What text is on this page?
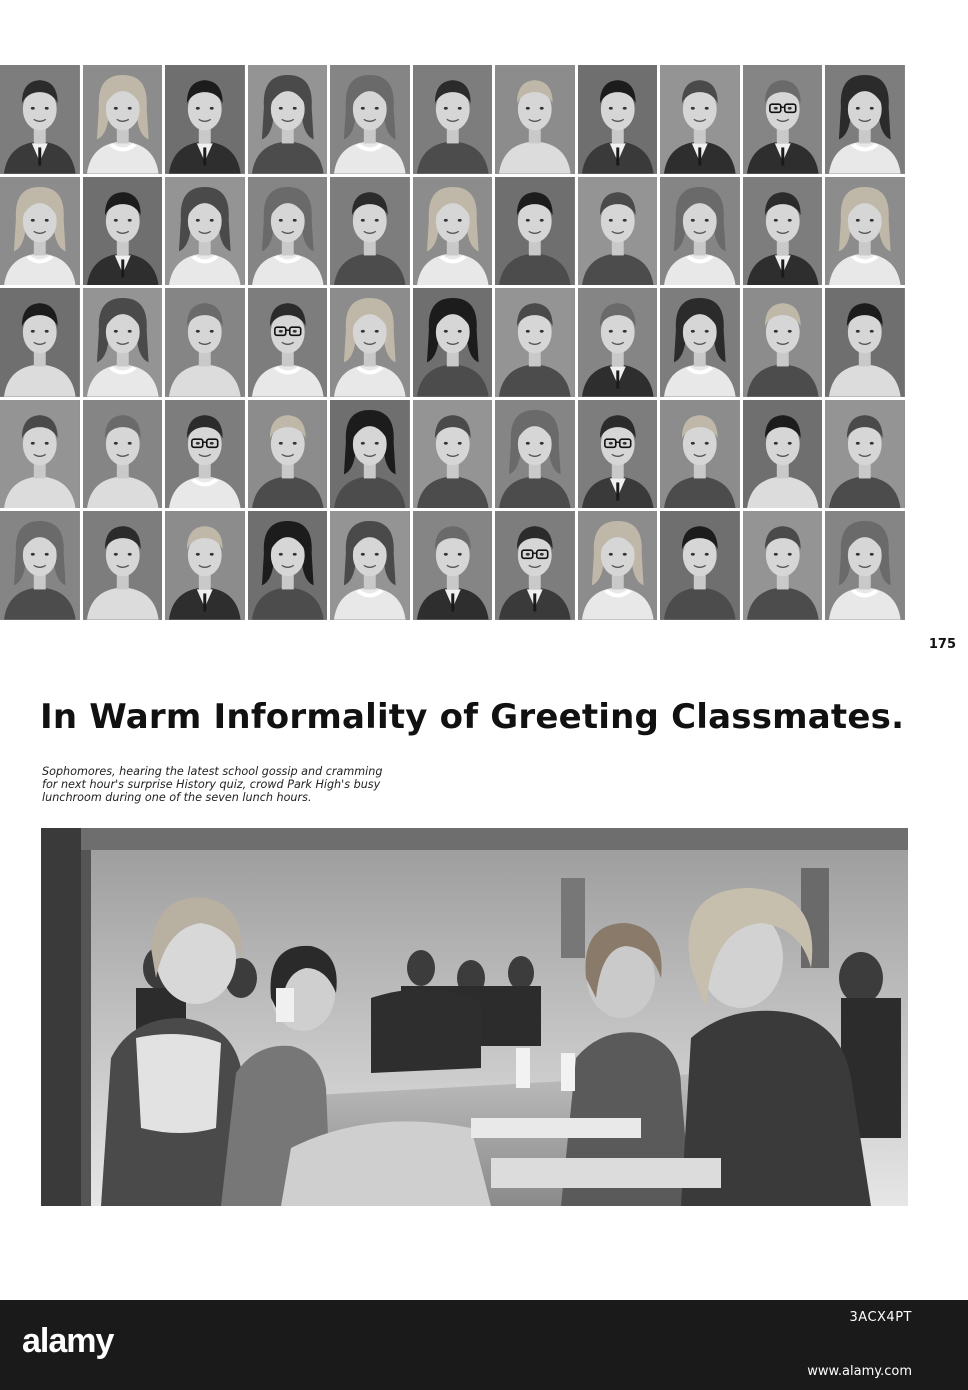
175
In Warm Informality of Greeting Classmates.
Sophomores, hearing the latest school gossip and cramming
for next hour's surprise History quiz, crowd Park High's busy
lunchroom during one of the seven lunch hours.
alamy
3ACX4PT
www.alamy.com
